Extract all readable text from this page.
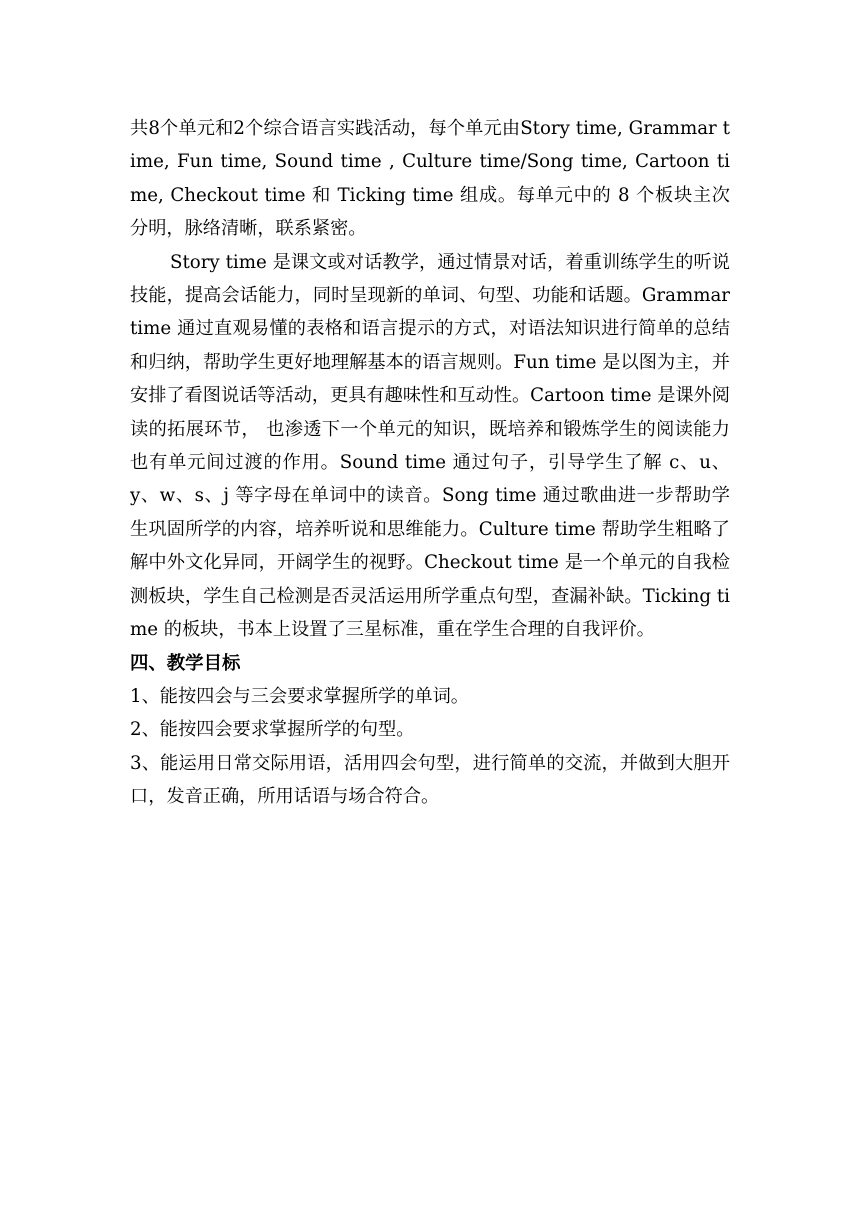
共8个单元和2个综合语言实践活动，每个单元由Story time, Grammar time, Fun time, Sound time , Culture time/Song time, Cartoon time, Checkout time 和 Ticking time 组成。每单元中的 8 个板块主次分明，脉络清晰，联系紧密。

Story time 是课文或对话教学，通过情景对话，着重训练学生的听说技能，提高会话能力，同时呈现新的单词、句型、功能和话题。Grammar time 通过直观易懂的表格和语言提示的方式，对语法知识进行简单的总结和归纳，帮助学生更好地理解基本的语言规则。Fun time 是以图为主，并安排了看图说话等活动，更具有趣味性和互动性。Cartoon time 是课外阅读的拓展环节， 也渗透下一个单元的知识，既培养和锻炼学生的阅读能力也有单元间过渡的作用。Sound time 通过句子，引导学生了解 c、u、y、w、s、j 等字母在单词中的读音。Song time 通过歌曲进一步帮助学生巩固所学的内容，培养听说和思维能力。Culture time 帮助学生粗略了解中外文化异同，开阔学生的视野。Checkout time 是一个单元的自我检测板块，学生自己检测是否灵活运用所学重点句型，查漏补缺。Ticking time 的板块，书本上设置了三星标准，重在学生合理的自我评价。

四、教学目标

1、能按四会与三会要求掌握所学的单词。

2、能按四会要求掌握所学的句型。

3、能运用日常交际用语，活用四会句型，进行简单的交流，并做到大胆开口，发音正确，所用话语与场合符合。
